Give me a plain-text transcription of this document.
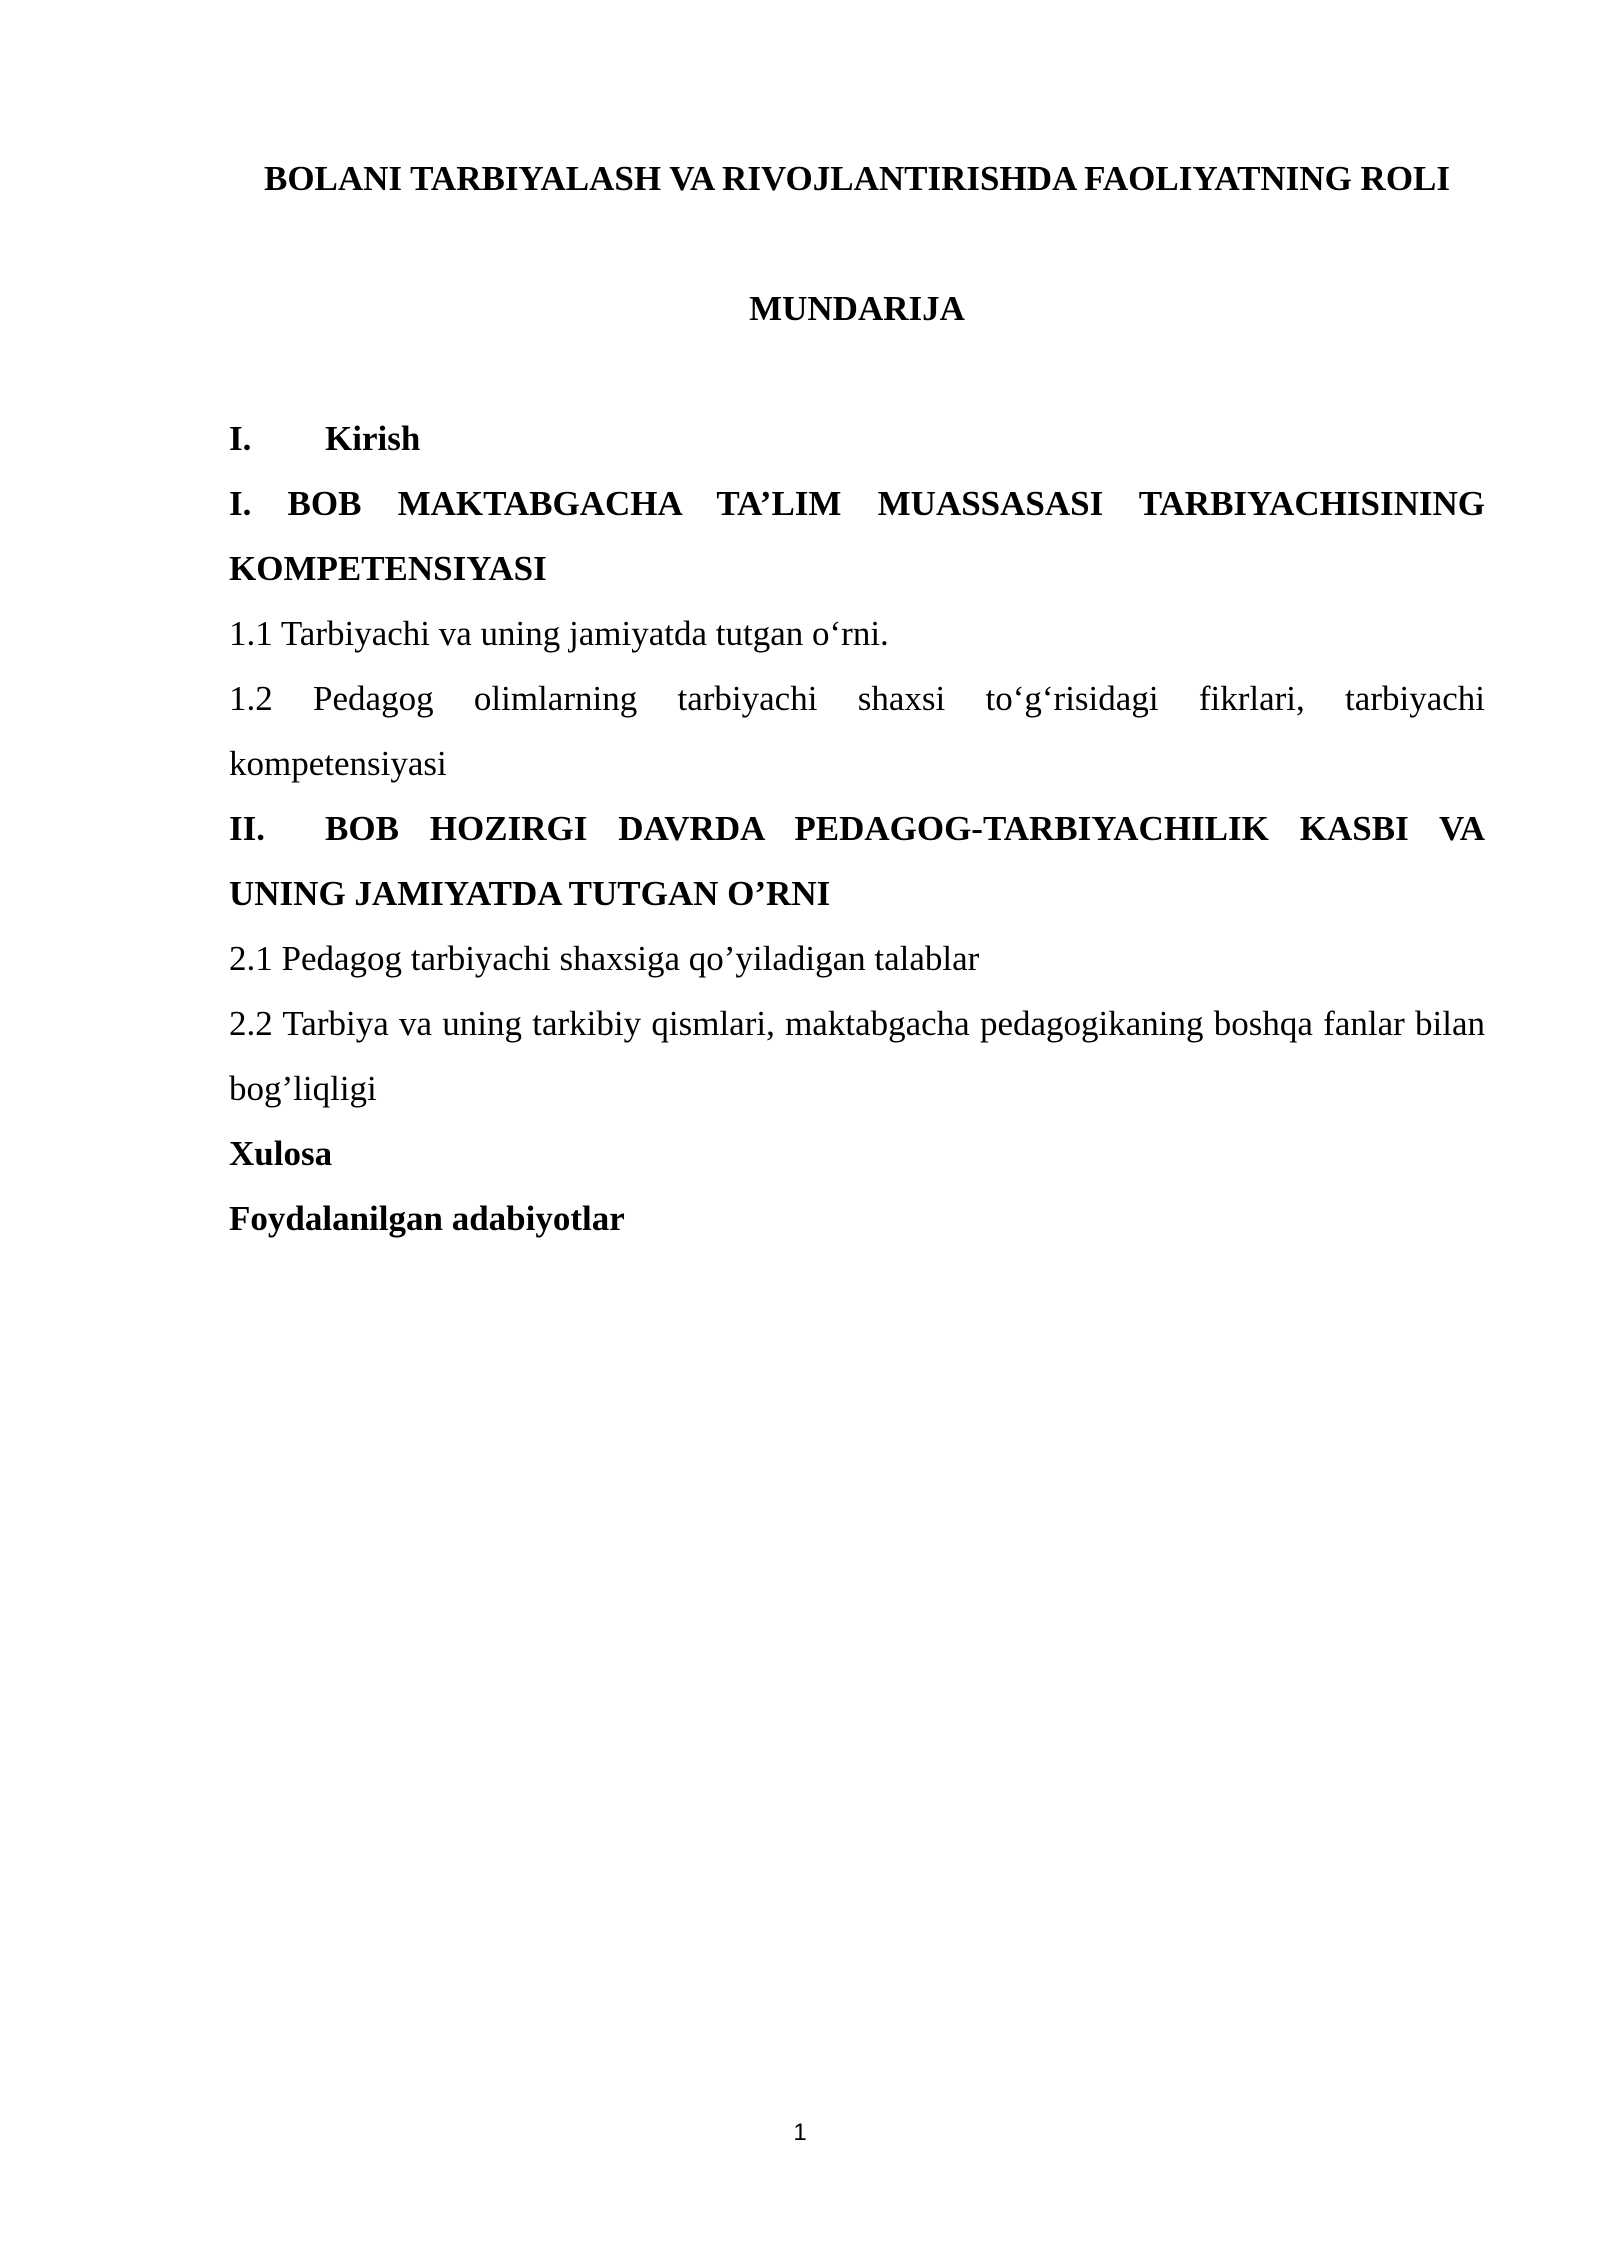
BOLANI TARBIYALASH VA RIVOJLANTIRISHDA FAOLIYATNING ROLI
MUNDARIJA
I. Kirish
I. BOB MAKTABGACHA TA’LIM MUASSASASI TARBIYACHISINING KOMPETENSIYASI
1.1 Tarbiyachi va uning jamiyatda tutgan o‘rni.
1.2 Pedagog olimlarning tarbiyachi shaxsi to‘g‘risidagi fikrlari, tarbiyachi kompetensiyasi
II. BOB HOZIRGI DAVRDA PEDAGOG-TARBIYACHILIK KASBI VA UNING JAMIYATDA TUTGAN O’RNI
2.1 Pedagog tarbiyachi shaxsiga qo’yiladigan talablar
2.2 Tarbiya va uning tarkibiy qismlari, maktabgacha pedagogikaning boshqa fanlar bilan bog’liqligi
Xulosa
Foydalanilgan adabiyotlar
1
